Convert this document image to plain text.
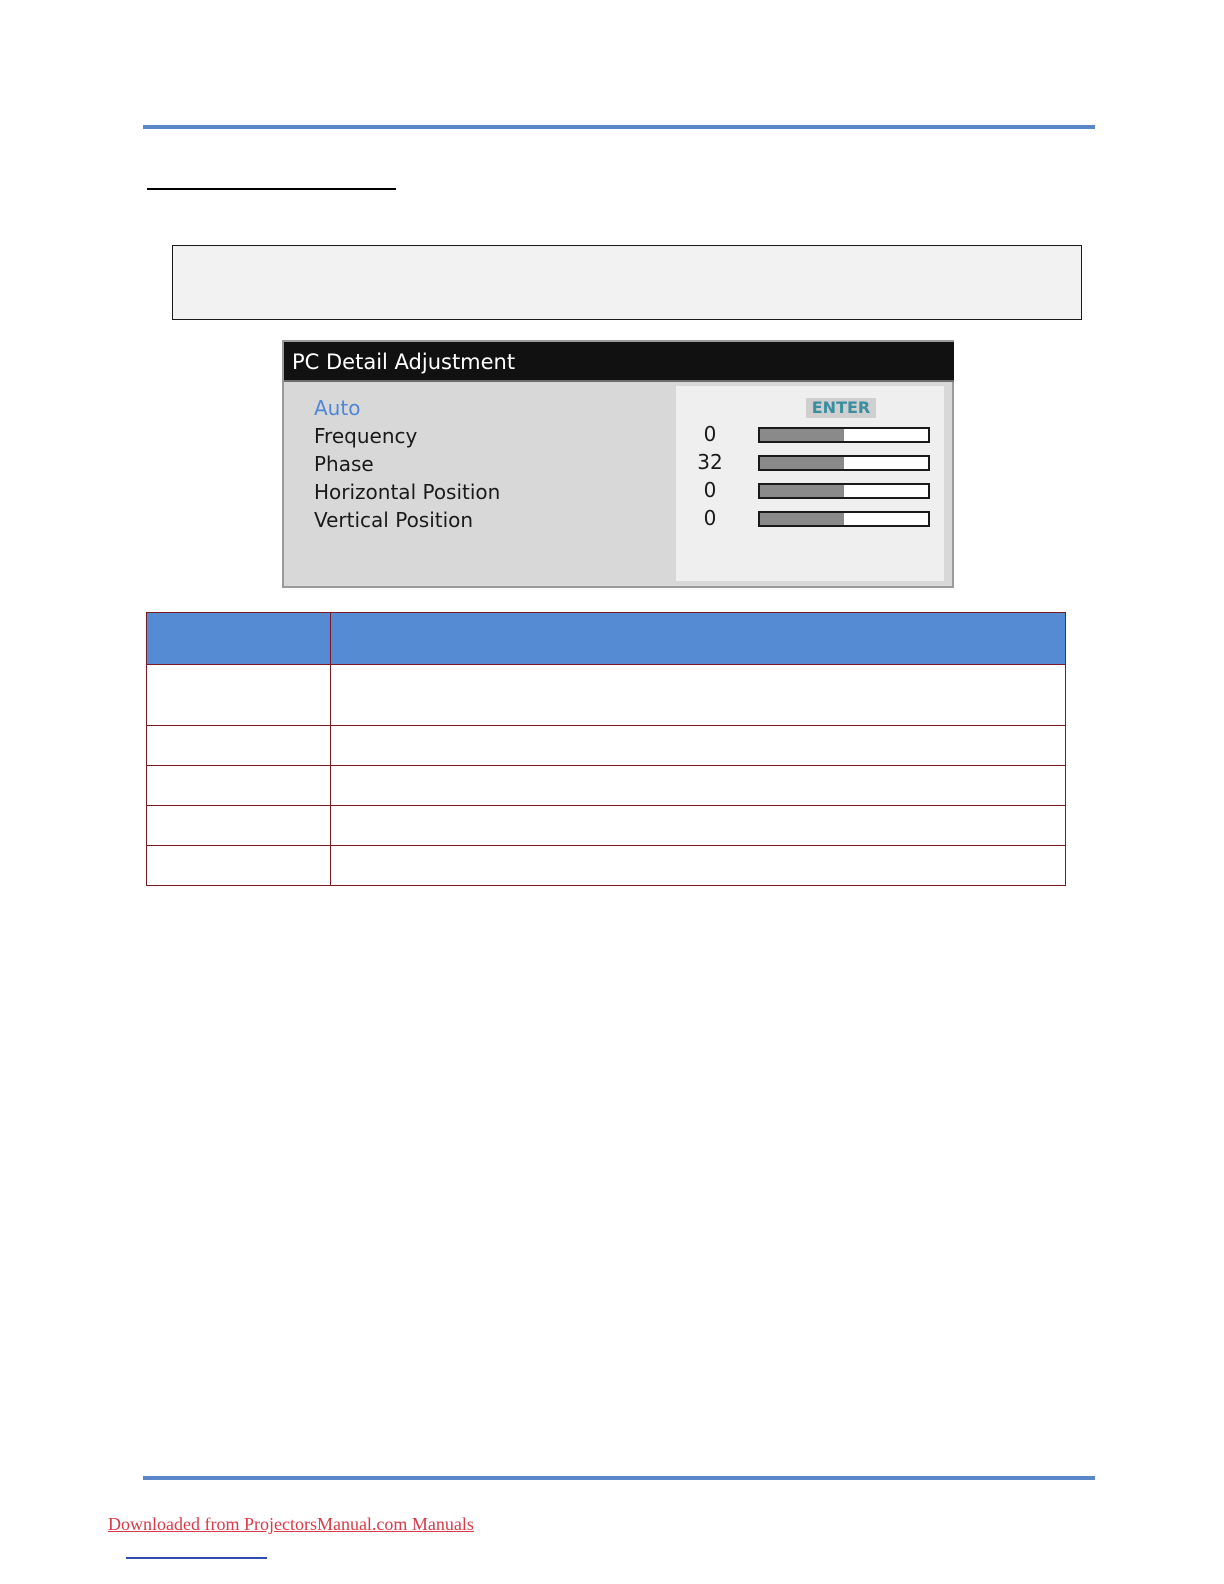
PC Detail Adjustment
Auto
Frequency
Phase
Horizontal Position
Vertical Position
ENTER
0
32
0
0
Downloaded from ProjectorsManual.com Manuals
